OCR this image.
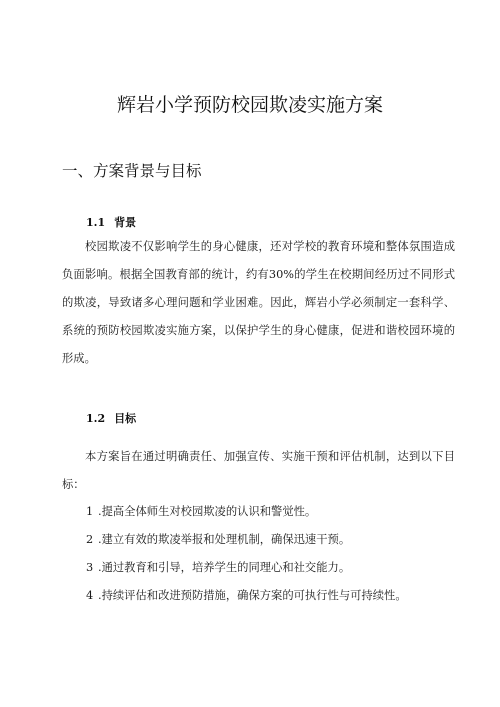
辉岩小学预防校园欺凌实施方案
一、方案背景与目标
1.1 背景

校园欺凌不仅影响学生的身心健康，还对学校的教育环境和整体氛围造成负面影响。根据全国教育部的统计，约有30%的学生在校期间经历过不同形式的欺凌，导致诸多心理问题和学业困难。因此，辉岩小学必须制定一套科学、系统的预防校园欺凌实施方案，以保护学生的身心健康，促进和谐校园环境的形成。

1.2 目标

本方案旨在通过明确责任、加强宣传、实施干预和评估机制，达到以下目标：

1 .提高全体师生对校园欺凌的认识和警觉性。
2 .建立有效的欺凌举报和处理机制，确保迅速干预。
3 .通过教育和引导，培养学生的同理心和社交能力。
4 .持续评估和改进预防措施，确保方案的可执行性与可持续性。
